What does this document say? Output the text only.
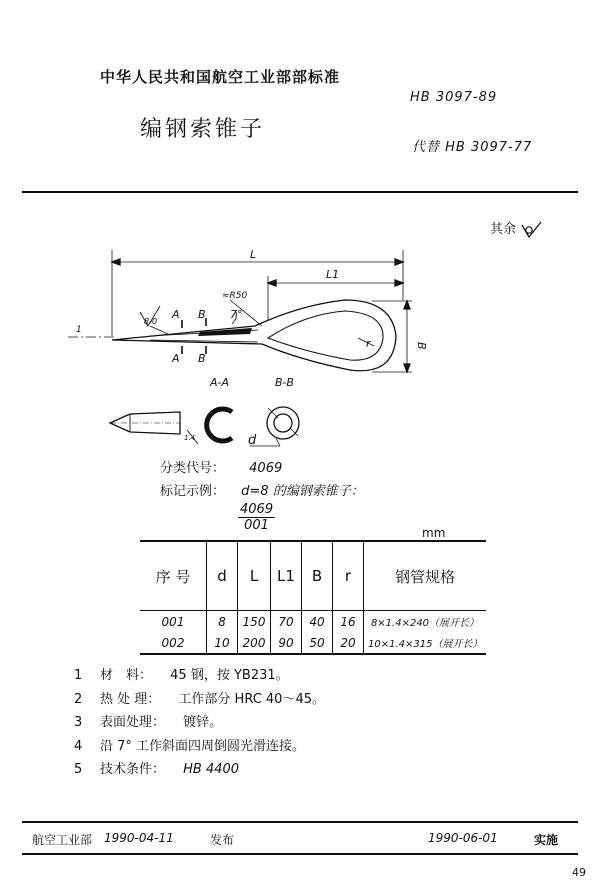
中华人民共和国航空工业部部标准
编钢索锥子
HB 3097-89
代替 HB 3097-77
其余
L
L1
B
r
≈R50
7°
8-0
A B
A B
1
A-A	B-B
d
1.4
分类代号： 4069
标记示例： d=8 的编钢索锥子：
4069
001	mm
序 号	d	L	L1	B	r	钢管规格
001	8	150	70	40	16	8×1.4×240（展开长）
002	10	200	90	50	20	10×1.4×315（展开长）
1 材　料： 45 钢，按 YB231。
2 热 处 理： 工作部分 HRC 40～45。
3 表面处理： 镀锌。
4 沿 7° 工作斜面四周倒圆光滑连接。
5 技术条件： HB 4400
航空工业部 1990-04-11	发布	1990-06-01	实施
49
